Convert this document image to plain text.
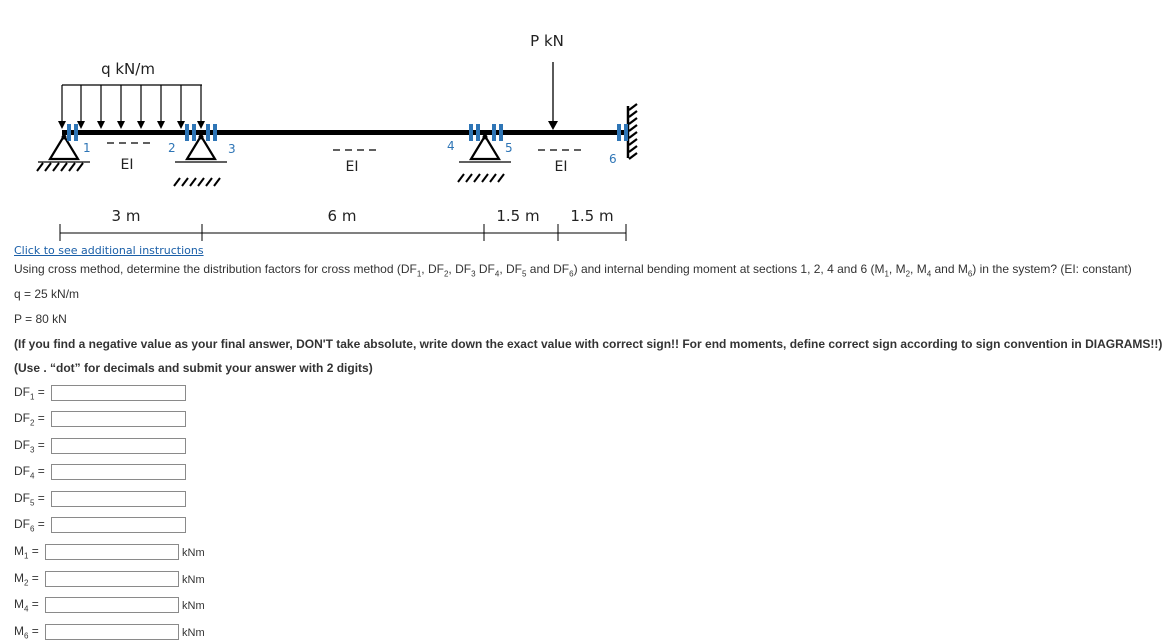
q kN/m
P kN
1	2	3	4	5
6
EI	EI	EI
3 m	6 m	1.5 m 1.5 m
Click to see additional instructions
Using cross method, determine the distribution factors for cross method ($DF_1$, $DF_2$, $DF_3$ $DF_4$, $DF_5$ and $DF_6$) and internal bending moment at sections 1, 2, 4 and 6 ($M_1$, $M_2$, $M_4$ and $M_6$) in the system? (EI: constant)
q = 25 kN/m
P = 80 kN
(If you find a negative value as your final answer, DON'T take absolute, write down the exact value with correct sign!! For end moments, define correct sign according to sign convention in DIAGRAMS!!)
(Use . “dot” for decimals and submit your answer with 2 digits)
$DF_1$ =
$DF_2$ =
$DF_3$ =
$DF_4$ =
$DF_5$ =
$DF_6$ =
$M_1$ =	kNm
$M_2$ =	kNm
$M_4$ =	kNm
$M_6$ =	kNm
